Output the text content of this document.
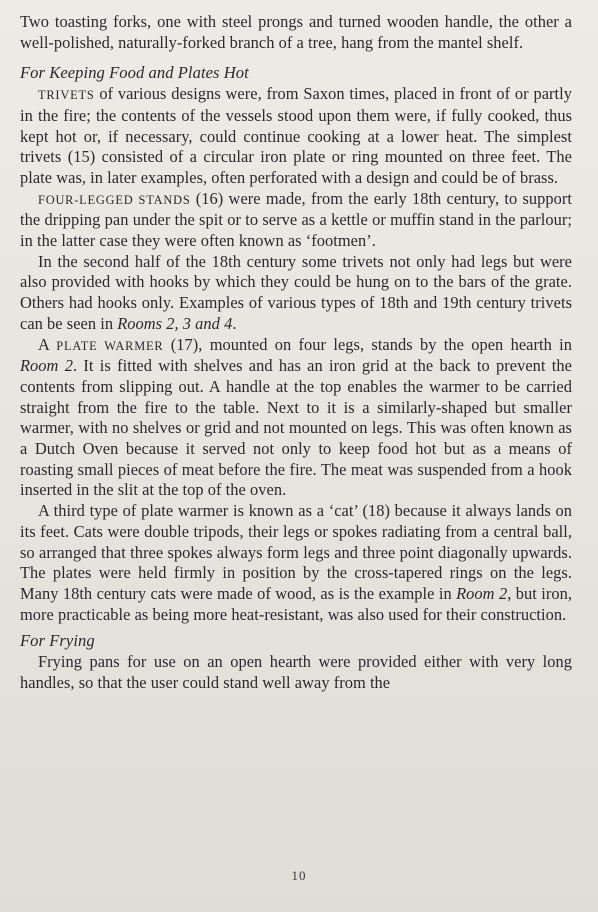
Two toasting forks, one with steel prongs and turned wooden handle, the other a well-polished, naturally-forked branch of a tree, hang from the mantel shelf.

For Keeping Food and Plates Hot

TRIVETS of various designs were, from Saxon times, placed in front of or partly in the fire; the contents of the vessels stood upon them were, if fully cooked, thus kept hot or, if necessary, could continue cooking at a lower heat. The simplest trivets (15) consisted of a circular iron plate or ring mounted on three feet. The plate was, in later examples, often perforated with a design and could be of brass.

FOUR-LEGGED STANDS (16) were made, from the early 18th century, to support the dripping pan under the spit or to serve as a kettle or muffin stand in the parlour; in the latter case they were often known as ‘footmen’.

In the second half of the 18th century some trivets not only had legs but were also provided with hooks by which they could be hung on to the bars of the grate. Others had hooks only. Examples of various types of 18th and 19th century trivets can be seen in Rooms 2, 3 and 4.

A PLATE WARMER (17), mounted on four legs, stands by the open hearth in Room 2. It is fitted with shelves and has an iron grid at the back to prevent the contents from slipping out. A handle at the top enables the warmer to be carried straight from the fire to the table. Next to it is a similarly-shaped but smaller warmer, with no shelves or grid and not mounted on legs. This was often known as a Dutch Oven because it served not only to keep food hot but as a means of roasting small pieces of meat before the fire. The meat was suspended from a hook inserted in the slit at the top of the oven.

A third type of plate warmer is known as a ‘cat’ (18) because it always lands on its feet. Cats were double tripods, their legs or spokes radiating from a central ball, so arranged that three spokes always form legs and three point diagonally upwards. The plates were held firmly in position by the cross-tapered rings on the legs. Many 18th century cats were made of wood, as is the example in Room 2, but iron, more practicable as being more heat-resistant, was also used for their construction.

For Frying

Frying pans for use on an open hearth were provided either with very long handles, so that the user could stand well away from the

10
